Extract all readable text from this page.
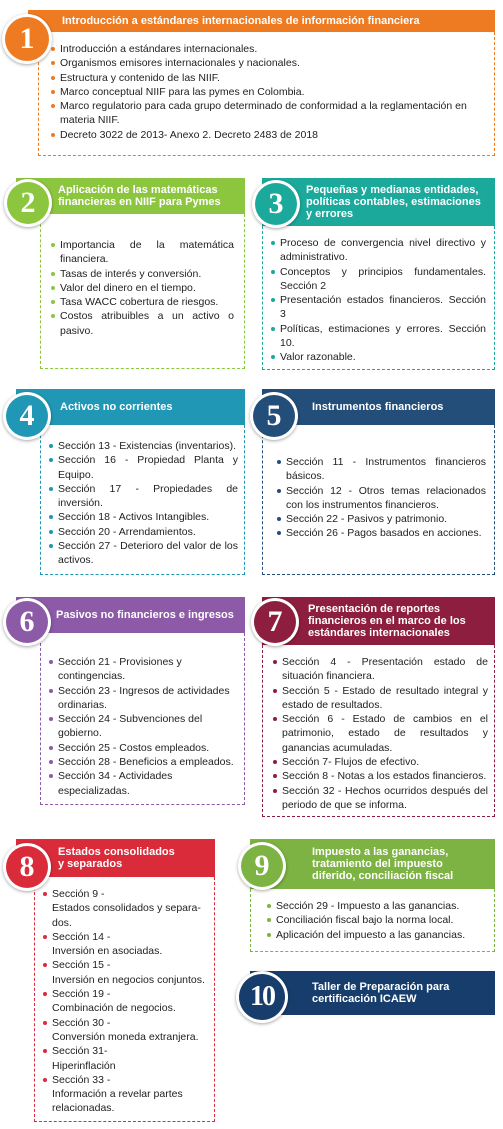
Introducción a estándares internacionales de información financiera
Introducción a estándares internacionales.
Organismos emisores internacionales y nacionales.
Estructura y contenido de las NIIF.
Marco conceptual NIIF para las pymes en Colombia.
Marco regulatorio para cada grupo determinado de conformidad a la reglamentación en materia NIIF.
Decreto 3022 de 2013- Anexo 2. Decreto 2483 de 2018
1
Aplicación de las matemáticas
financieras en NIIF para Pymes
Importancia de la matemática financiera.
Tasas de interés y conversión.
Valor del dinero en el tiempo.
Tasa WACC cobertura de riesgos.
Costos atribuibles a un activo o pasivo.
2	Pequeñas y medianas entidades,
políticas contables, estimaciones
y errores
Proceso de convergencia nivel directivo y administrativo.
Conceptos y principios fundamentales. Sección 2
Presentación estados financieros. Sección 3
Políticas, estimaciones y errores. Sección 10.
Valor razonable.
3
Activos no corrientes
Sección 13 - Existencias (inventarios).
Sección 16 - Propiedad Planta y Equipo.
Sección 17 - Propiedades de inversión.
Sección 18 - Activos Intangibles.
Sección 20 - Arrendamientos.
Sección 27 - Deterioro del valor de los activos.
4	Instrumentos financieros
Sección 11 - Instrumentos financieros básicos.
Sección 12 - Otros temas relacionados con los instrumentos financieros.
Sección 22 - Pasivos y patrimonio.
Sección 26 - Pagos basados en acciones.
5
Pasivos no financieros e ingresos
Sección 21 - Provisiones y contingencias.
Sección 23 - Ingresos de actividades ordinarias.
Sección 24 - Subvenciones del gobierno.
Sección 25 - Costos empleados.
Sección 28 - Beneficios a empleados.
Sección 34 - Actividades especializadas.
6	Presentación de reportes
financieros en el marco de los
estándares internacionales
Sección 4 - Presentación estado de situación financiera.
Sección 5 - Estado de resultado integral y estado de resultados.
Sección 6 - Estado de cambios en el patrimonio, estado de resultados y ganancias acumuladas.
Sección 7- Flujos de efectivo.
Sección 8 - Notas a los estados financieros.
Sección 32 - Hechos ocurridos después del periodo de que se informa.
7
Estados consolidados
y separados
Sección 9 -
Estados consolidados y separa-
dos.
Sección 14 -
Inversión en asociadas.
Sección 15 -
Inversión en negocios conjuntos.
Sección 19 -
Combinación de negocios.
Sección 30 -
Conversión moneda extranjera.
Sección 31-
Hiperinflación
Sección 33 -
Información a revelar partes relacionadas.
8	Impuesto a las ganancias,
tratamiento del impuesto
diferido, conciliación fiscal
Sección 29 - Impuesto a las ganancias.
Conciliación fiscal bajo la norma local.
Aplicación del impuesto a las ganancias.
9
Taller de Preparación para
certificación ICAEW
10
